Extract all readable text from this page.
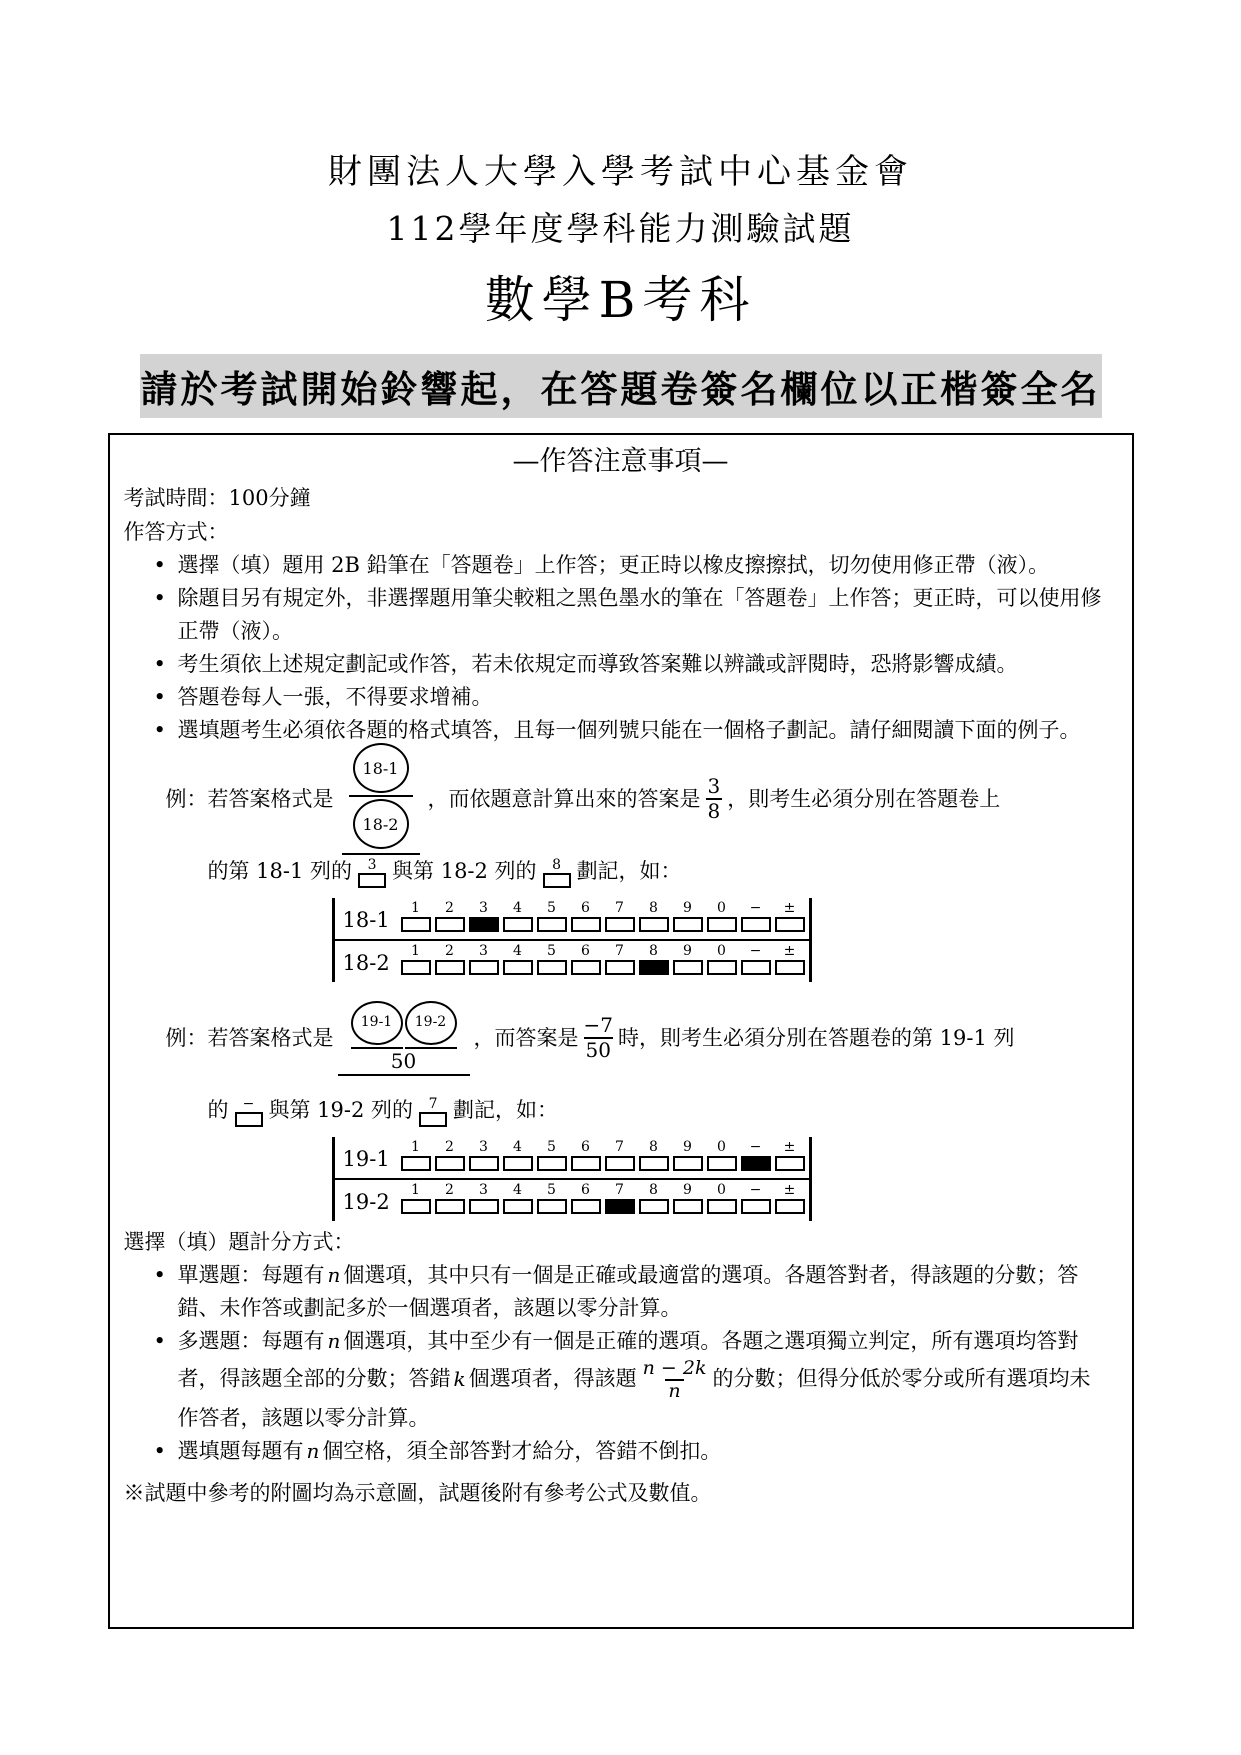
財團法人大學入學考試中心基金會
112學年度學科能力測驗試題
數學B考科
請於考試開始鈴響起，在答題卷簽名欄位以正楷簽全名
—作答注意事項—
考試時間：100分鐘
作答方式：
• 選擇（填）題用 2B 鉛筆在「答題卷」上作答；更正時以橡皮擦擦拭，切勿使用修正帶（液）。
• 除題目另有規定外，非選擇題用筆尖較粗之黑色墨水的筆在「答題卷」上作答；更正時，可以使用修正帶（液）。
• 考生須依上述規定劃記或作答，若未依規定而導致答案難以辨識或評閱時，恐將影響成績。
• 答題卷每人一張，不得要求增補。
• 選填題考生必須依各題的格式填答，且每一個列號只能在一個格子劃記。請仔細閱讀下面的例子。
例：若答案格式是
18-1
18-2
，而依題意計算出來的答案是 $\frac{3}{8}$ ，則考生必須分別在答題卷上
的第 18-1 列的 3 與第 18-2 列的 8 劃記，如：
18-1	1 2 3 4 5 6 7 8 9 0 − ±
18-2	1 2 3 4 5 6 7 8 9 0 − ±
例：若答案格式是
19-1 19-2
50
，而答案是 $\frac{-7}{50}$ 時，則考生必須分別在答題卷的第 19-1 列
的 − 與第 19-2 列的 7 劃記，如：
19-1	1 2 3 4 5 6 7 8 9 0 − ±
19-2	1 2 3 4 5 6 7 8 9 0 − ±
選擇（填）題計分方式：
• 單選題：每題有 n 個選項，其中只有一個是正確或最適當的選項。各題答對者，得該題的分數；答錯、未作答或劃記多於一個選項者，該題以零分計算。
• 多選題：每題有 n 個選項，其中至少有一個是正確的選項。各題之選項獨立判定，所有選項均答對者，得該題全部的分數；答錯 k 個選項者，得該題 $\frac{n - 2k}{n}$ 的分數；但得分低於零分或所有選項均未作答者，該題以零分計算。
• 選填題每題有 n 個空格，須全部答對才給分，答錯不倒扣。
※試題中參考的附圖均為示意圖，試題後附有參考公式及數值。
